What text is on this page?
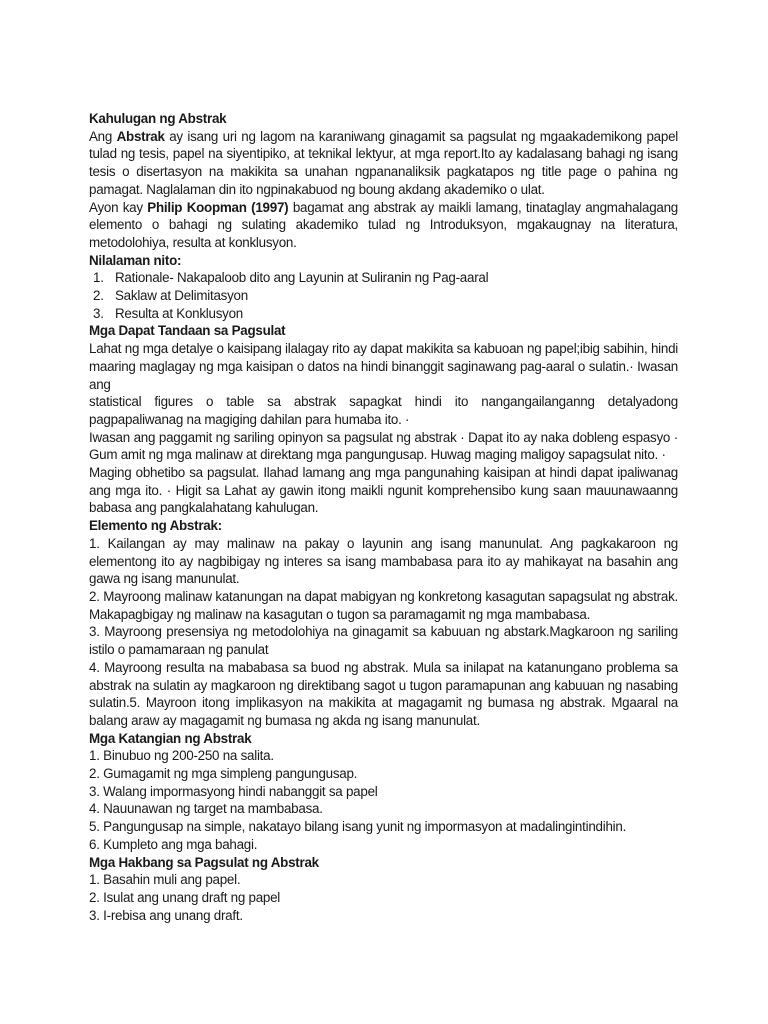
Kahulugan ng Abstrak

Ang Abstrak ay isang uri ng lagom na karaniwang ginagamit sa pagsulat ng mgaakademikong papel tulad ng tesis, papel na siyentipiko, at teknikal lektyur, at mga report.Ito ay kadalasang bahagi ng isang tesis o disertasyon na makikita sa unahan ngpananaliksik pagkatapos ng title page o pahina ng pamagat. Naglalaman din ito ngpinakabuod ng boung akdang akademiko o ulat.

Ayon kay Philip Koopman (1997) bagamat ang abstrak ay maikli lamang, tinataglay angmahalagang elemento o bahagi ng sulating akademiko tulad ng Introduksyon, mgakaugnay na literatura, metodolohiya, resulta at konklusyon.

Nilalaman nito:
1. Rationale- Nakapaloob dito ang Layunin at Suliranin ng Pag-aaral
2. Saklaw at Delimitasyon
3. Resulta at Konklusyon
Mga Dapat Tandaan sa Pagsulat

Lahat ng mga detalye o kaisipang ilalagay rito ay dapat makikita sa kabuoan ng papel;ibig sabihin, hindi maaring maglagay ng mga kaisipan o datos na hindi binanggit saginawang pag-aaral o sulatin.· Iwasan ang

statistical figures o table sa abstrak sapagkat hindi ito nangangailanganng detalyadong pagpapaliwanag na magiging dahilan para humaba ito. ·

Iwasan ang paggamit ng sariling opinyon sa pagsulat ng abstrak · Dapat ito ay naka dobleng espasyo · Gum amit ng mga malinaw at direktang mga pangungusap. Huwag maging maligoy sapagsulat nito. ·

Maging obhetibo sa pagsulat. Ilahad lamang ang mga pangunahing kaisipan at hindi dapat ipaliwanag ang mga ito. · Higit sa Lahat ay gawin itong maikli ngunit komprehensibo kung saan mauunawaanng babasa ang pangkalahatang kahulugan.

Elemento ng Abstrak:

1. Kailangan ay may malinaw na pakay o layunin ang isang manunulat. Ang pagkakaroon ng elementong ito ay nagbibigay ng interes sa isang mambabasa para ito ay mahikayat na basahin ang gawa ng isang manunulat.

2. Mayroong malinaw katanungan na dapat mabigyan ng konkretong kasagutan sapagsulat ng abstrak. Makapagbigay ng malinaw na kasagutan o tugon sa paramagamit ng mga mambabasa.

3. Mayroong presensiya ng metodolohiya na ginagamit sa kabuuan ng abstark.Magkaroon ng sariling istilo o pamamaraan ng panulat

4. Mayroong resulta na mababasa sa buod ng abstrak. Mula sa inilapat na katanungano problema sa abstrak na sulatin ay magkaroon ng direktibang sagot u tugon paramapunan ang kabuuan ng nasabing sulatin.5. Mayroon itong implikasyon na makikita at magagamit ng bumasa ng abstrak. Mgaaral na balang araw ay magagamit ng bumasa ng akda ng isang manunulat.

Mga Katangian ng Abstrak

1. Binubuo ng 200-250 na salita.

2. Gumagamit ng mga simpleng pangungusap.

3. Walang impormasyong hindi nabanggit sa papel

4. Nauunawan ng target na mambabasa.

5. Pangungusap na simple, nakatayo bilang isang yunit ng impormasyon at madalingintindihin.

6. Kumpleto ang mga bahagi.

Mga Hakbang sa Pagsulat ng Abstrak

1. Basahin muli ang papel.

2. Isulat ang unang draft ng papel

3. I-rebisa ang unang draft.
